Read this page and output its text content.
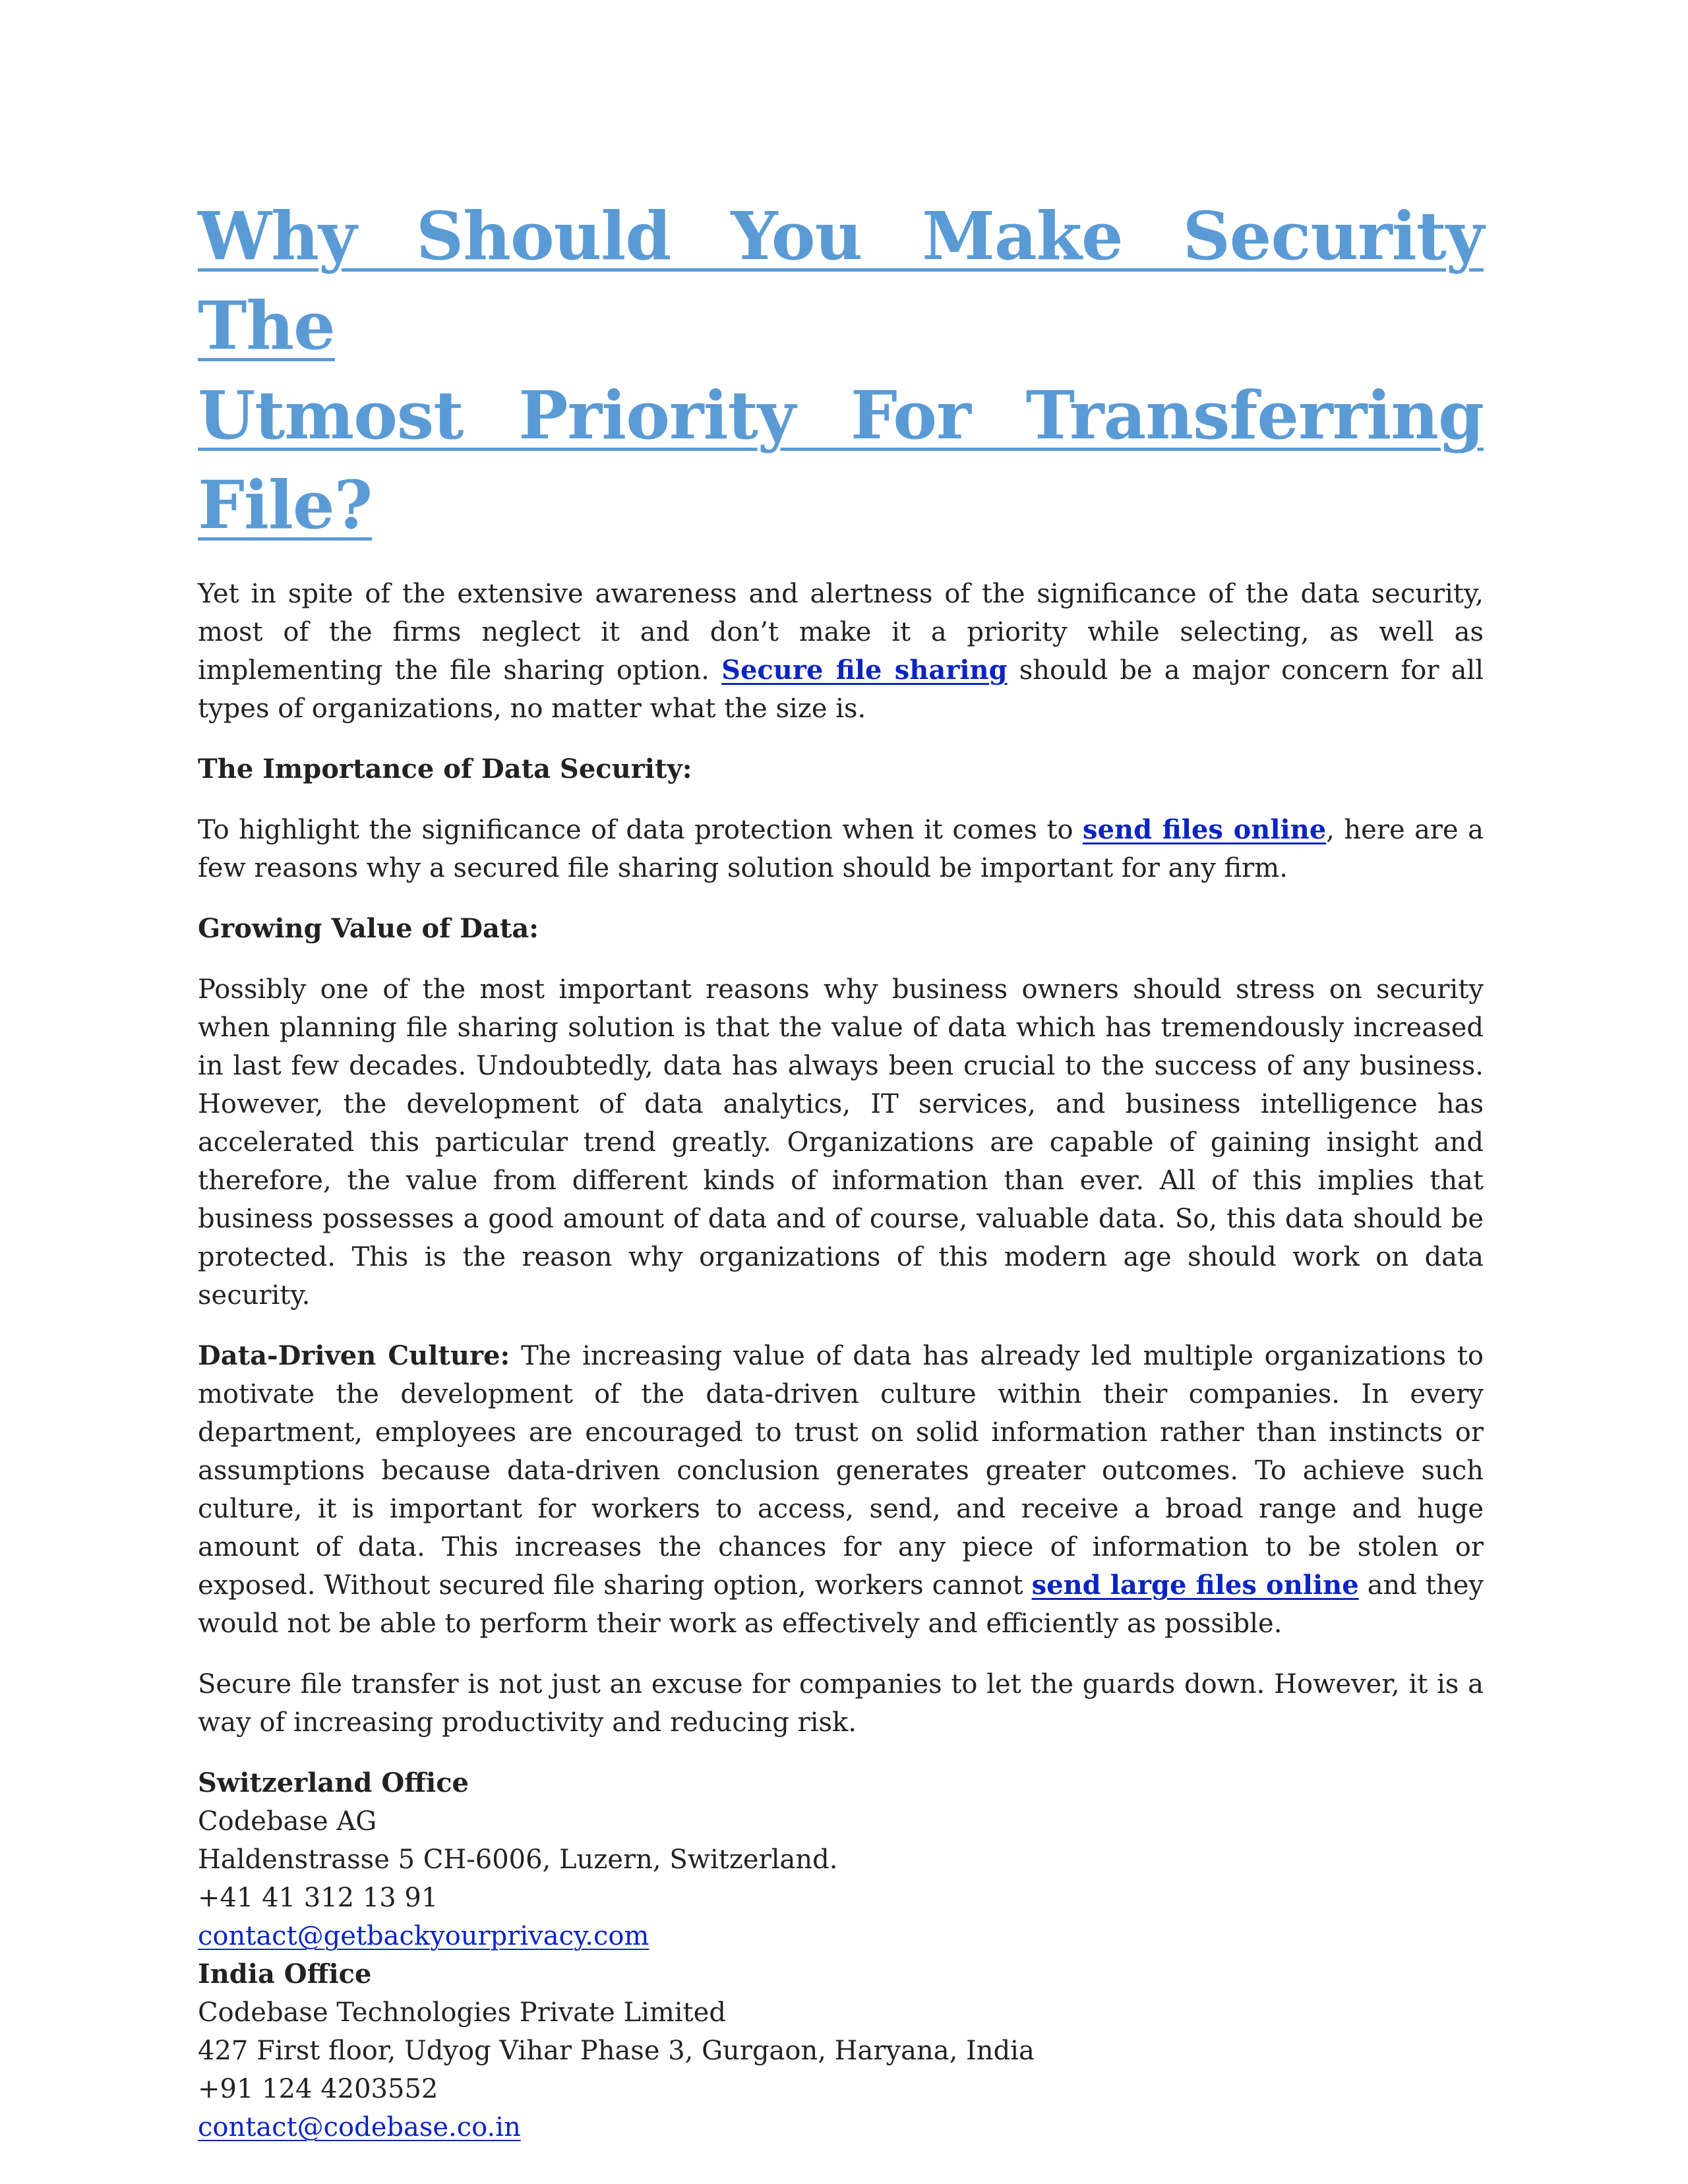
Why Should You Make Security The
Utmost Priority For Transferring File?

Yet in spite of the extensive awareness and alertness of the significance of the data security, most of the firms neglect it and don’t make it a priority while selecting, as well as implementing the file sharing option. Secure file sharing should be a major concern for all types of organizations, no matter what the size is.

The Importance of Data Security:

To highlight the significance of data protection when it comes to send files online, here are a few reasons why a secured file sharing solution should be important for any firm.

Growing Value of Data:

Possibly one of the most important reasons why business owners should stress on security when planning file sharing solution is that the value of data which has tremendously increased in last few decades. Undoubtedly, data has always been crucial to the success of any business. However, the development of data analytics, IT services, and business intelligence has accelerated this particular trend greatly. Organizations are capable of gaining insight and therefore, the value from different kinds of information than ever. All of this implies that business possesses a good amount of data and of course, valuable data. So, this data should be protected. This is the reason why organizations of this modern age should work on data security.

Data-Driven Culture: The increasing value of data has already led multiple organizations to motivate the development of the data-driven culture within their companies. In every department, employees are encouraged to trust on solid information rather than instincts or assumptions because data-driven conclusion generates greater outcomes. To achieve such culture, it is important for workers to access, send, and receive a broad range and huge amount of data. This increases the chances for any piece of information to be stolen or exposed. Without secured file sharing option, workers cannot send large files online and they would not be able to perform their work as effectively and efficiently as possible.

Secure file transfer is not just an excuse for companies to let the guards down. However, it is a way of increasing productivity and reducing risk.

Switzerland Office
Codebase AG
Haldenstrasse 5 CH-6006, Luzern, Switzerland.
+41 41 312 13 91
contact@getbackyourprivacy.com
India Office
Codebase Technologies Private Limited
427 First floor, Udyog Vihar Phase 3, Gurgaon, Haryana, India
+91 124 4203552
contact@codebase.co.in
